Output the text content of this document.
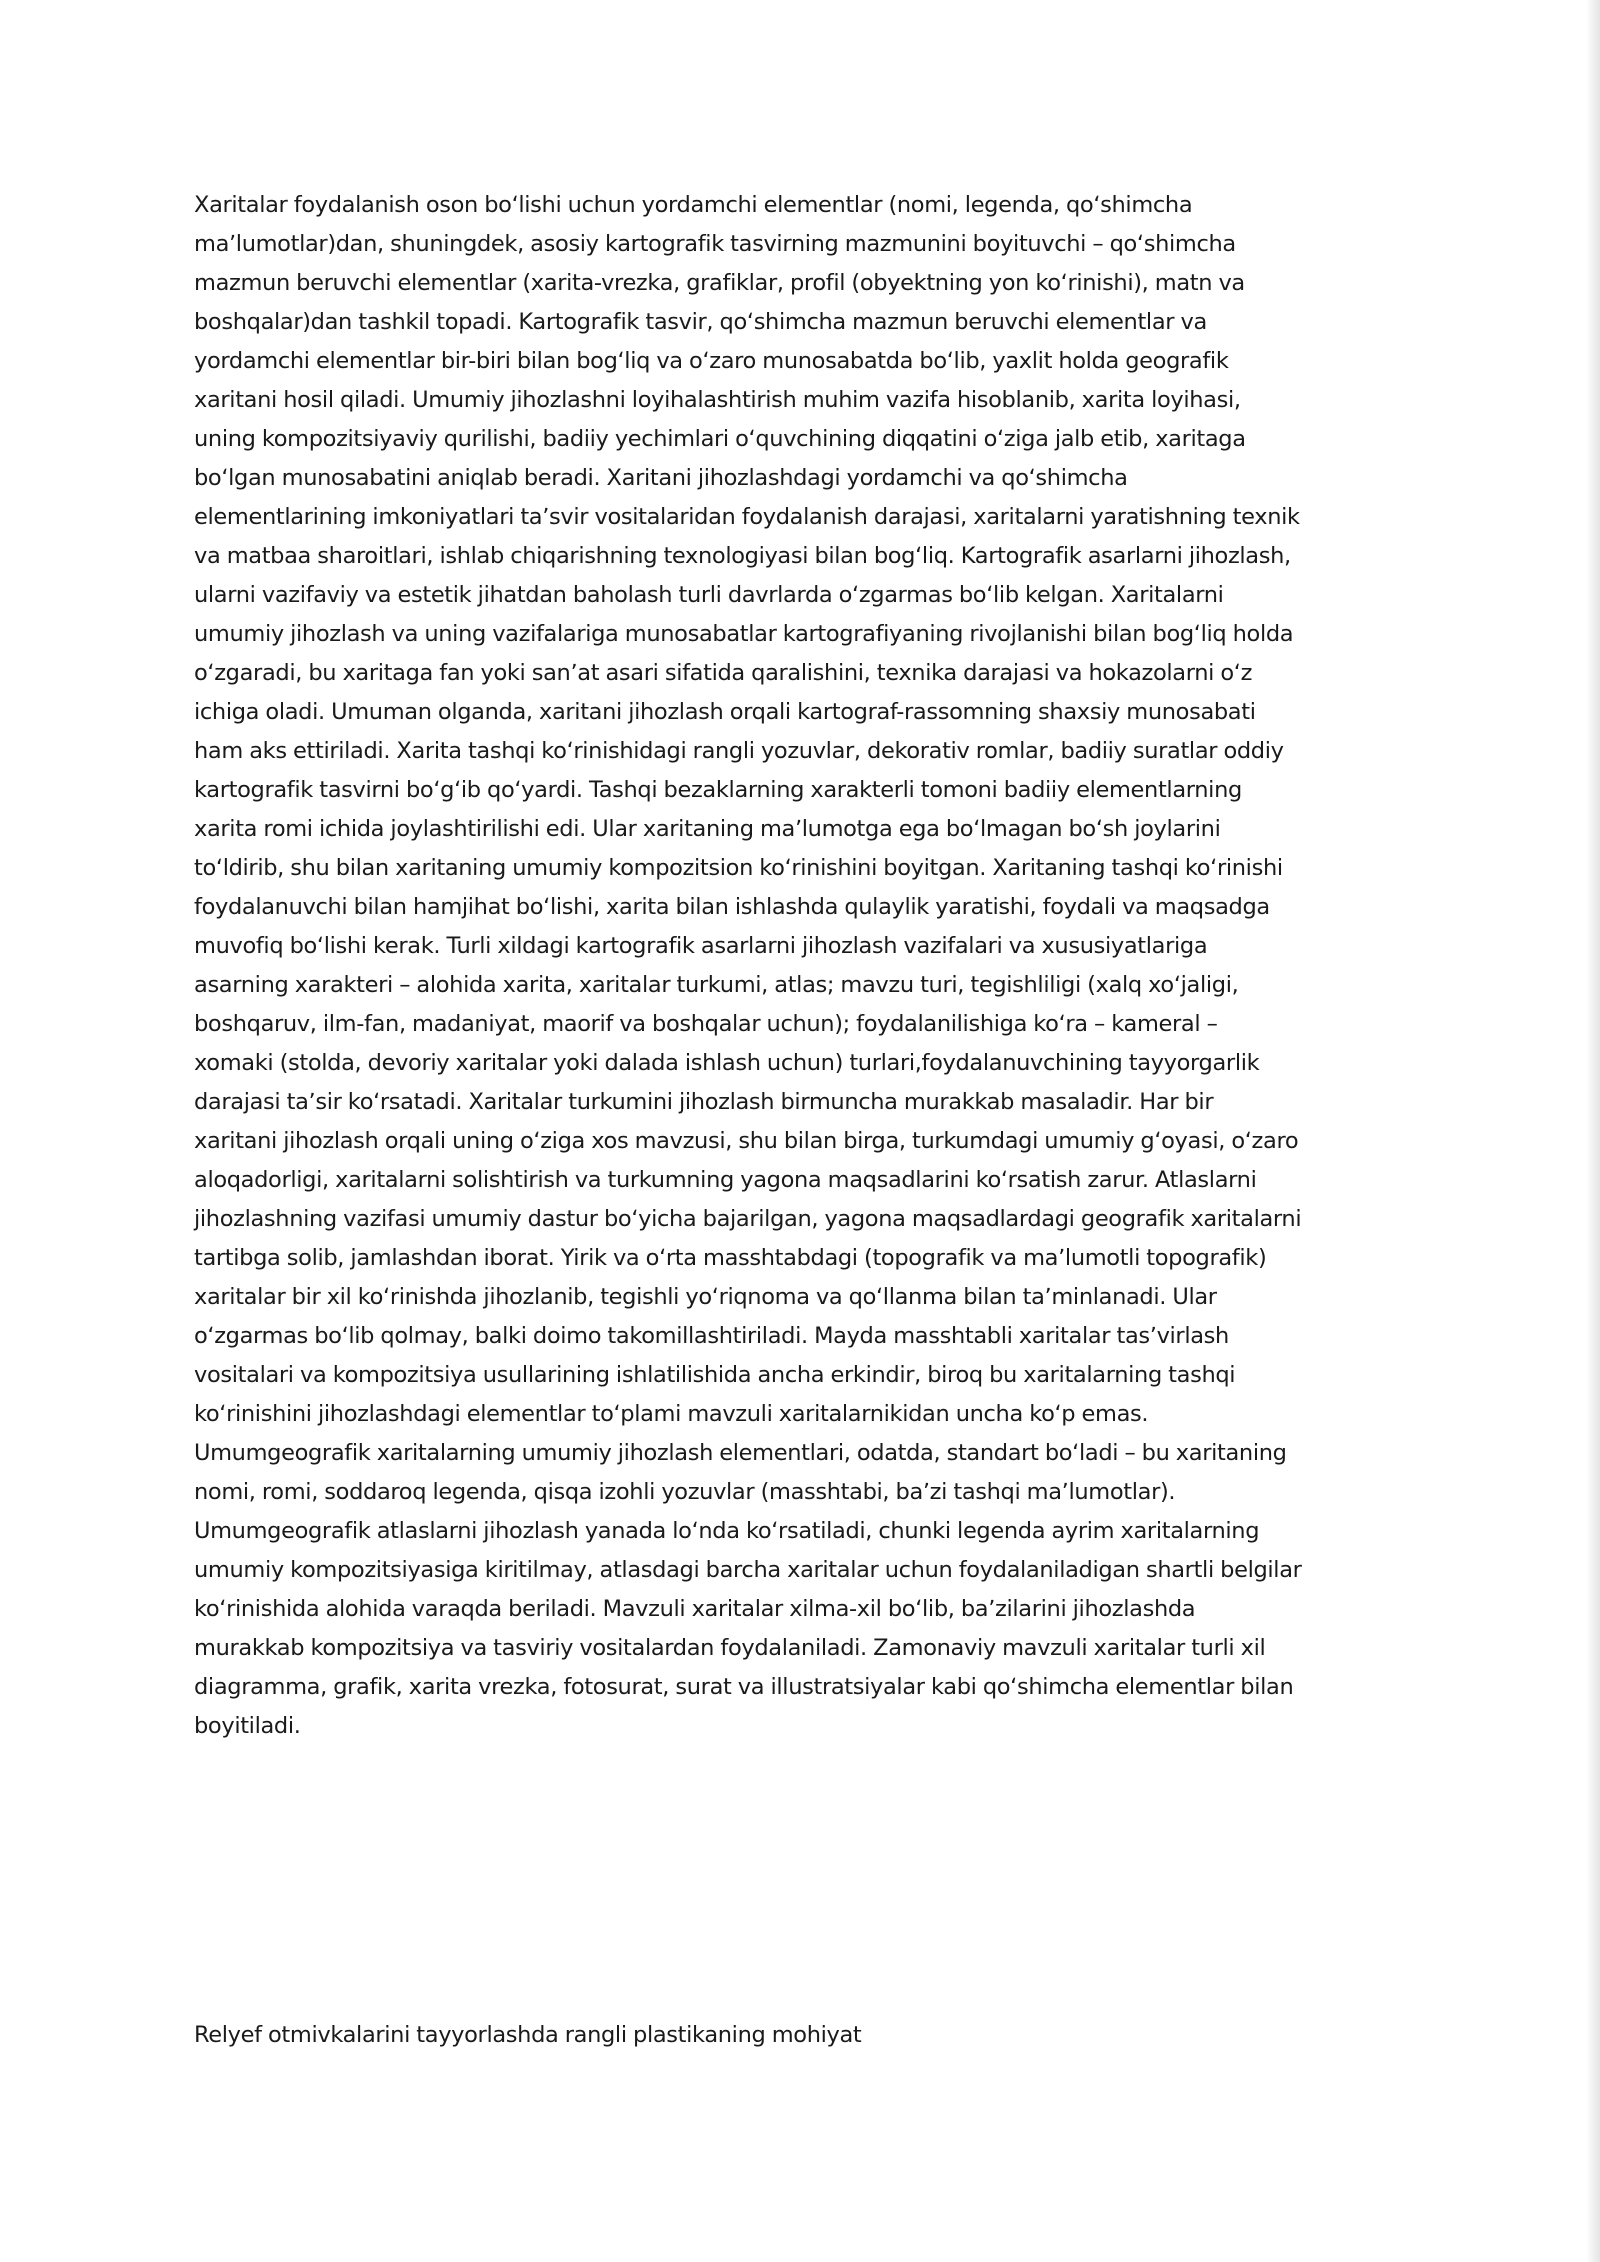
Xaritalar foydalanish oson boʻlishi uchun yordamchi elementlar (nomi, legenda, qoʻshimcha
maʼlumotlar)dan, shuningdek, asosiy kartografik tasvirning mazmunini boyituvchi – qoʻshimcha
mazmun beruvchi elementlar (xarita-vrezka, grafiklar, profil (obyektning yon koʻrinishi), matn va
boshqalar)dan tashkil topadi. Kartografik tasvir, qoʻshimcha mazmun beruvchi elementlar va
yordamchi elementlar bir-biri bilan bogʻliq va oʻzaro munosabatda boʻlib, yaxlit holda geografik
xaritani hosil qiladi. Umumiy jihozlashni loyihalashtirish muhim vazifa hisoblanib, xarita loyihasi,
uning kompozitsiyaviy qurilishi, badiiy yechimlari oʻquvchining diqqatini oʻziga jalb etib, xaritaga
boʻlgan munosabatini aniqlab beradi. Xaritani jihozlashdagi yordamchi va qoʻshimcha
elementlarining imkoniyatlari taʼsvir vositalaridan foydalanish darajasi, xaritalarni yaratishning texnik
va matbaa sharoitlari, ishlab chiqarishning texnologiyasi bilan bogʻliq. Kartografik asarlarni jihozlash,
ularni vazifaviy va estetik jihatdan baholash turli davrlarda oʻzgarmas boʻlib kelgan. Xaritalarni
umumiy jihozlash va uning vazifalariga munosabatlar kartografiyaning rivojlanishi bilan bogʻliq holda
oʻzgaradi, bu xaritaga fan yoki sanʼat asari sifatida qaralishini, texnika darajasi va hokazolarni oʻz
ichiga oladi. Umuman olganda, xaritani jihozlash orqali kartograf-rassomning shaxsiy munosabati
ham aks ettiriladi. Xarita tashqi koʻrinishidagi rangli yozuvlar, dekorativ romlar, badiiy suratlar oddiy
kartografik tasvirni boʻgʻib qoʻyardi. Tashqi bezaklarning xarakterli tomoni badiiy elementlarning
xarita romi ichida joylashtirilishi edi. Ular xaritaning maʼlumotga ega boʻlmagan boʻsh joylarini
toʻldirib, shu bilan xaritaning umumiy kompozitsion koʻrinishini boyitgan. Xaritaning tashqi koʻrinishi
foydalanuvchi bilan hamjihat boʻlishi, xarita bilan ishlashda qulaylik yaratishi, foydali va maqsadga
muvofiq boʻlishi kerak. Turli xildagi kartografik asarlarni jihozlash vazifalari va xususiyatlariga
asarning xarakteri – alohida xarita, xaritalar turkumi, atlas; mavzu turi, tegishliligi (xalq xoʻjaligi,
boshqaruv, ilm-fan, madaniyat, maorif va boshqalar uchun); foydalanilishiga koʻra – kameral –
xomaki (stolda, devoriy xaritalar yoki dalada ishlash uchun) turlari,foydalanuvchining tayyorgarlik
darajasi taʼsir koʻrsatadi. Xaritalar turkumini jihozlash birmuncha murakkab masaladir. Har bir
xaritani jihozlash orqali uning oʻziga xos mavzusi, shu bilan birga, turkumdagi umumiy gʻoyasi, oʻzaro
aloqadorligi, xaritalarni solishtirish va turkumning yagona maqsadlarini koʻrsatish zarur. Atlaslarni
jihozlashning vazifasi umumiy dastur boʻyicha bajarilgan, yagona maqsadlardagi geografik xaritalarni
tartibga solib, jamlashdan iborat. Yirik va oʻrta masshtabdagi (topografik va maʼlumotli topografik)
xaritalar bir xil koʻrinishda jihozlanib, tegishli yoʻriqnoma va qoʻllanma bilan taʼminlanadi. Ular
oʻzgarmas boʻlib qolmay, balki doimo takomillashtiriladi. Mayda masshtabli xaritalar tasʼvirlash
vositalari va kompozitsiya usullarining ishlatilishida ancha erkindir, biroq bu xaritalarning tashqi
koʻrinishini jihozlashdagi elementlar toʻplami mavzuli xaritalarnikidan uncha koʻp emas.
Umumgeografik xaritalarning umumiy jihozlash elementlari, odatda, standart boʻladi – bu xaritaning
nomi, romi, soddaroq legenda, qisqa izohli yozuvlar (masshtabi, baʼzi tashqi maʼlumotlar).
Umumgeografik atlaslarni jihozlash yanada loʻnda koʻrsatiladi, chunki legenda ayrim xaritalarning
umumiy kompozitsiyasiga kiritilmay, atlasdagi barcha xaritalar uchun foydalaniladigan shartli belgilar
koʻrinishida alohida varaqda beriladi. Mavzuli xaritalar xilma-xil boʻlib, baʼzilarini jihozlashda
murakkab kompozitsiya va tasviriy vositalardan foydalaniladi. Zamonaviy mavzuli xaritalar turli xil
diagramma, grafik, xarita vrezka, fotosurat, surat va illustratsiyalar kabi qoʻshimcha elementlar bilan
boyitiladi.

Relyef otmivkalarini tayyorlashda rangli plastikaning mohiyat
